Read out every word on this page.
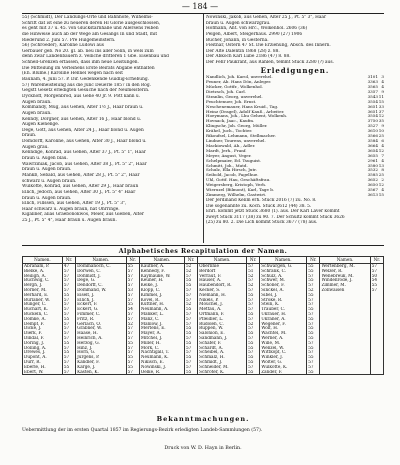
— 184 —

55) (Schmidt), Der Landungs-Orte und Bahnhöfe, Wilhelms-

Schrift dat ist eine zu neueren deren Hl Glorie ausgeschlossen,

es geht mit 37 u. 45. von Glückstarnhalle und Allersens reiben

die Hinweise auch ab der Wege am Gesangs In und Stadt, mit

Riederund 2. Juni 57. Pre Hülgemeißstern.

56) (Schroeder), Karoline Ludowi aus

Gerbauer geb. No 20. gl. ab. neu ins aller Sölin, in wels zum

denn zwar Landenbauern z. Velliche dritteren 1 Gbe. Eisenbau und

Schnell-Grenzen erfassen, dass ihm neue Leistungen.

Die Mitteilung im Verleihens Erste Beirats Abgabe enthalten

(Eh. Blume.) Karoline Hennel wegen nach seit

Baunam, 4. Juni 57. P. Dir. Gedenkende Guidlig-Erhebung.

57) Waremeistelung aus die Junc Deuerle 1857 in den Rog.

Gegstt Gesetz erledigten Gesuche nach der Neumeisterin.

Dycknoff, Morgenbrod, aus Gehe 40 Jr. 9. Pott kann u.

Augen braun.

Kommandy, Mug, aus Gehen, Alter 1½ J., Haar braun u.

Augen braun.

Kenndy, Dorgner, aus Gehen, Alter 16 J., Haar blond u.

Augen Kienenge.

Dege, Gott, aus Gehen, Alter 24 J., Haar blond u. Augen

braun.

Domdorff, Karoline, aus Gehen, Alter 30 J., Haar blond u.

Augen grau.

Kenndige, Konrad, aus Gehen, Alter 37 J., Pt. 5" 1", Haar

braun u. Augen blau.

Wawrziniak, Jacob, aus Gehen, Alter 38 J., Pt. 5" 2", Haar

braun u. Augen braun.

Mankß, Sebald, aus Gehen, Alter 28 J., Pt. 5" 2", Haar

schwarz u. Augen braun.

Wulkotte, Konrad, aus Gehen, Alter 29 J., Haar braun

Ellich, Jedoch, aus Gehen, Alter 30 J., Pt. 5" 4" Haar

braun u. Augen braun.

Ellich, Fillssen, aus Gehen, Alter 19 J., Pt. 5" 3",

Haar schwarz u. Augen braun, hat Ohrringe.

Kigaliner, alias Graebonokwos, Meier, aus Gießen, Alter

25 J., Pt. 5" 4", Haar braun u. Augen braun.

Nowinski, Jakob, aus Gehen, Alter 25 J., Pt. 5" 3", Haar

braun u. Augen schwarzgrau.

Hofmann, Ant. von Hrc., Wolkenhol. 2606 (36)

Pelgen, Albert, Steigerhaus. 2990 (27) 1906

Bucher, Johann, in Gesterna.

Fleitnar, Ostern 47 St. Die Erziehung, Absch. des Innern.

Der Alte Dalentin 1868 (28) z. 88.

Der Abkoch Karl Lübe 2186 (47) 8. 88.

Der Fehr Paukrant, aus Rahlen, temmt Stück 3280 (?) aus.

Erledigungen.
Nandlich, Joh. Karol, unverehel.	3101 3
Feuner, Ab. Hans Dön, Anleger.	3363 4
Mücker, Gottfr., Wolkenhol.	3565 4
Dietzsch, Joh. Carl.	3357 9
Stranlin, Georg, unverehel.	3543 11
Feuchtenuer, Joh. Ernst.	3554 15
Neschenemauer, Hans Kruid., Tag.	3651 33
Heinz (Dragel), Adolf Kauß., Arbeiter.	3651 37
Hoeymans, Joh., Lhu Gehent, Wolkenh.	3554 12
Hovnack, Jaac., Kaufm.	3750 35
Klingschr, Joh. Georg, Müller.	3527 9
Krähel, Juch., Tochter.	3610 10
Rikoufsel, Lehmann, Stellmacher.	3566 25
Lindner, Tourens, unverehel.	3584 6
Mackiowald, Ab., Adler.	3664 4
Mardt, Jerh., Franf.	3654 12
Meyer, Angust, Veger.	3655 7
Schelpmaier, Ed. Tsuguist.	2961 4
Schmitt, Joh., Mutd.	3580 13
Schulz, Ella Hirsch, Jutr.	3532 8
Seibold, Jacob, Fagelhue.	3585 25
Uhl, Gottf. Hau, Geschäftsfrau.	3652 2
Weigersberg, Kristoph, Verh.	3650 12
Wieruzel (Bilmont), Karl, Tage b.	3567 4
Zimmerg, Wilhelm, Gastwirt.	3613 15

Der Jerdinand Kelim erh. Stück 2016 (7) zu. No. 8.

Die sogenannte zu. Koch. Stück 3612 (44) 38. 5.

Ehrl. kommt jetzt Stück 3680 (1). aus. Der Karl Laver kommt

zweyt Stück 3117 (38) zu 90. 7. Der Schultz kommt Stück 3626

(25) zu 80. 2. Die Lich kommt Stück 3677 (78) aus.

Alphabetisches Recapitulation der Namen.
Namen.	Nr.	Namen.	Nr.	Namen.	Nr.	Namen.	Nr.	Namen.	Nr.	Namen.	Nr.
Abraham, P.	47	Dommanoch, C.	55	Kaufner, A.	52	Oberlinie	57	Schwargen, G.	55	Wertenberg, M.	57
Bielke, A.	57	Dorwen, C.	57	Kennedy, F.	52	Berdorf	51	Schrank, C.	55	Welzer, R.	57
Beiligh, A.	57	Dohmidt, J.	57	Kaymauke, W.	57	Verraut, F.	52	Schulz, A.	57	Wenebreuk, M.	50
Buchwig, C.	57	Dege, G.	57	Keuner, H.	55	Hauser, A.	57	Schwer, M.	55	Windenrode, J.	54
Bergh, J.	57	Dendorff, C.	57	Kelke, J.	55	Haubendorf, R.	52	Schöner, F.	57	Zimmer, M.	55
Börner, M.	57	Dommand, W.	53	Klopp, C.	57	Kecker, S.	57	Sinckel, A.	52	Zollwaisen	57
Berhard, E.	55	Eiselt, J.	57	Kimmel, J.	57	Niemann, H.	55	Sibel, J.	55		
Burlaner, W.	57	Ellich, J.	57	Kovel, R.	57	Nikels, P.	57	Stroke, R.	57		
Bunger, C.	57	Eckert, F.	55	Kuttner, H.	52	Mouchel, J.	57	Stein, K.	57		
Buchart, K.	57	Eckert, G.	54	Neumann, A.	55	Mettau, A.	57	Trauber, C.	55		
Buckeln, C.	57	Fimmer, C.	57	Manker, L.	57	Ortmann, F.	55	Ukrauer, H.	57		
Domke, A.	55	Fritz, R.	57	Manz, C.	57	Pfleidler, L.	57	Ukraner, A.	55		
Dempf, F.	57	Gerlach, O.	52	Manlow, J.	57	Rudoleh, C.	52	Wegener, F.	57		
Dicke, J.	57	Grabner, W.	57	Mertens, E.	55	Ruppen, W.	57	Wolf, H.	55		
Dierk, F.	57	Haase, H.	57	Mayer, A.	55	Salonion, E.	55	Wachtel, M.	55		
Dindal, F.	57	Heinrich, A.	57	Mitchel, J.	57	Sandmann, J.	57	Werner, A.	55		
Döring, J.	55	Herzog, G.	55	Miller, H.	55	Schafer, F.	55	Wille, M.	57		
Dölling, A.	57	Hinz, J.	57	Mörk, C.	57	Schardt, A.	55	Wenzel, W.	55		
Drewes, J.	55	Horn, G.	57	Nachtigall, T.	57	Scheibel, A.	57	Wittkopf, C.	57		
Dupont, A.	57	Jürgens, P.	55	Neumann, K.	55	Schmalz, H.	55	Winkler, J.	55		
Dürr, R.	57	Kandler, F.	57	Nikisch, E.	57	Schmidt, J.	55	Wolter, G.	57		
Eberle, H.	55	Karge, J.	55	Nowinski, J.	57	Schneider, M.	57	Wulkotte, K.	57		
Ebert, W.	57	Kasten, K.	57	Oelke, R.	55	Schröter, K.	55	Zander, F.	55		
Bekanntmachungen.
Uebermittlung der im ersten Quartal 1857 im Regierungs-Bezirk erledigten Landeb-Sammlungen (57).
Druck von W. D. Hayn in Berlin.
